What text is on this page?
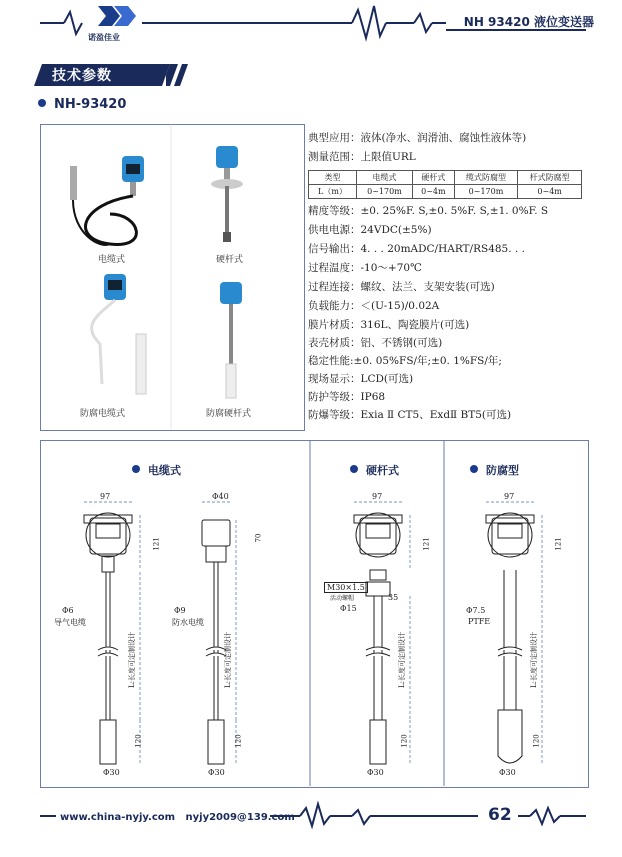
诺盈佳业
NH 93420 液位变送器
技术参数
NH-93420
电缆式	硬杆式
防腐电缆式	防腐硬杆式
典型应用：液体(净水、润滑油、腐蚀性液体等)
测量范围：上限值URL
类型	电缆式	硬杆式	缆式防腐型	杆式防腐型
L（m）	0~170m	0~4m	0~170m	0~4m
精度等级：±0. 25%F. S,±0. 5%F. S,±1. 0%F. S
供电电源：24VDC(±5%)
信号输出：4. . . 20mADC/HART/RS485. . .
过程温度：-10～+70℃
过程连接：螺纹、法兰、支架安装(可选)
负载能力：＜(U-15)/0.02A
膜片材质：316L、陶瓷膜片(可选)
表壳材质：铝、不锈钢(可选)
稳定性能:±0. 05%FS/年;±0. 1%FS/年;
现场显示：LCD(可选)
防护等级：IP68
防爆等级：Exia Ⅱ CT5、ExdⅡ BT5(可选)
电缆式	硬杆式	防腐型
97
121
Φ6
导气电缆
L:长度可定制设计
120
Φ30
Φ40
70
Φ9
防水电缆
L:长度可定制设计
120
Φ30
97
121
M30×1.5
活动螺帽	35
Φ15
L:长度可定制设计
120
Φ30
97
121
Φ7.5
PTFE
L:长度可定制设计
120
Φ30
www.china-nyjy.com nyjy2009@139.com	62
